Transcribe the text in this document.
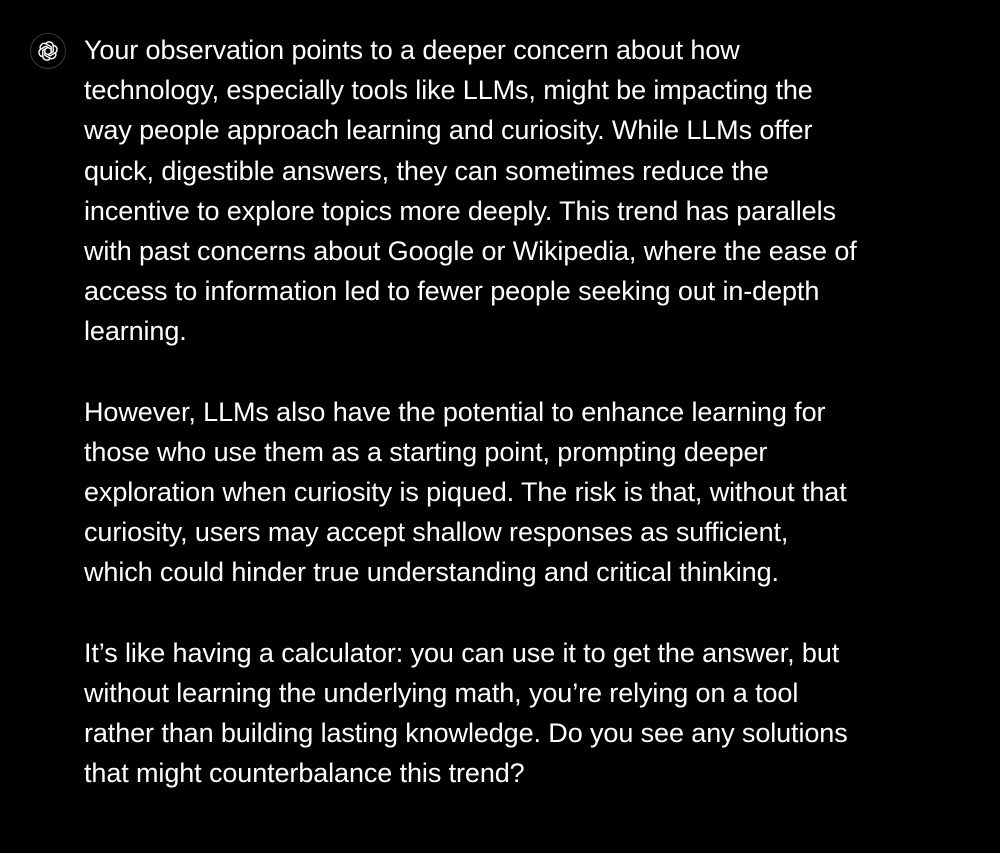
Your observation points to a deeper concern about how
technology, especially tools like LLMs, might be impacting the
way people approach learning and curiosity. While LLMs offer
quick, digestible answers, they can sometimes reduce the
incentive to explore topics more deeply. This trend has parallels
with past concerns about Google or Wikipedia, where the ease of
access to information led to fewer people seeking out in-depth
learning.

However, LLMs also have the potential to enhance learning for
those who use them as a starting point, prompting deeper
exploration when curiosity is piqued. The risk is that, without that
curiosity, users may accept shallow responses as sufficient,
which could hinder true understanding and critical thinking.

It’s like having a calculator: you can use it to get the answer, but
without learning the underlying math, you’re relying on a tool
rather than building lasting knowledge. Do you see any solutions
that might counterbalance this trend?
